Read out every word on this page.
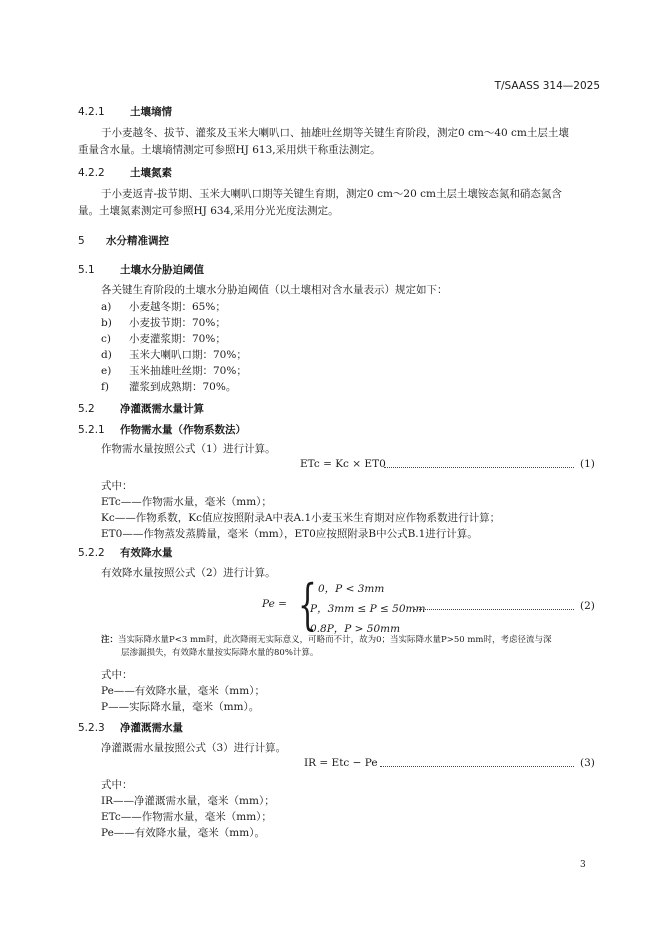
T/SAASS 314—2025
4.2.1 土壤墒情
于小麦越冬、拔节、灌浆及玉米大喇叭口、抽雄吐丝期等关键生育阶段，测定0 cm～40 cm土层土壤
重量含水量。土壤墒情测定可参照HJ 613,采用烘干称重法测定。
4.2.2 土壤氮素
于小麦返青-拔节期、玉米大喇叭口期等关键生育期，测定0 cm～20 cm土层土壤铵态氮和硝态氮含
量。土壤氮素测定可参照HJ 634,采用分光光度法测定。
5 水分精准调控
5.1 土壤水分胁迫阈值
各关键生育阶段的土壤水分胁迫阈值（以土壤相对含水量表示）规定如下：
a) 小麦越冬期：65%；
b) 小麦拔节期：70%；
c) 小麦灌浆期：70%；
d) 玉米大喇叭口期：70%；
e) 玉米抽雄吐丝期：70%；
f) 灌浆到成熟期：70%。
5.2 净灌溉需水量计算
5.2.1 作物需水量（作物系数法）
作物需水量按照公式（1）进行计算。
ETc = Kc × ET0	(1)
式中：
ETc——作物需水量，毫米（mm）；
Kc——作物系数，Kc值应按照附录A中表A.1小麦玉米生育期对应作物系数进行计算；
ET0——作物蒸发蒸腾量，毫米（mm），ET0应按照附录B中公式B.1进行计算。
5.2.2 有效降水量
有效降水量按照公式（2）进行计算。
Pe = { 0，P < 3mm
P，3mm ≤ P ≤ 50mm	(2)
0.8P，P > 50mm
注：当实际降水量P<3 mm时，此次降雨无实际意义，可略而不计，故为0；当实际降水量P>50 mm时，考虑径流与深
层渗漏损失，有效降水量按实际降水量的80%计算。
式中：
Pe——有效降水量，毫米（mm）；
P——实际降水量，毫米（mm）。
5.2.3 净灌溉需水量
净灌溉需水量按照公式（3）进行计算。
IR = Etc − Pe	(3)
式中：
IR——净灌溉需水量，毫米（mm）；
ETc——作物需水量，毫米（mm）；
Pe——有效降水量，毫米（mm）。
3
